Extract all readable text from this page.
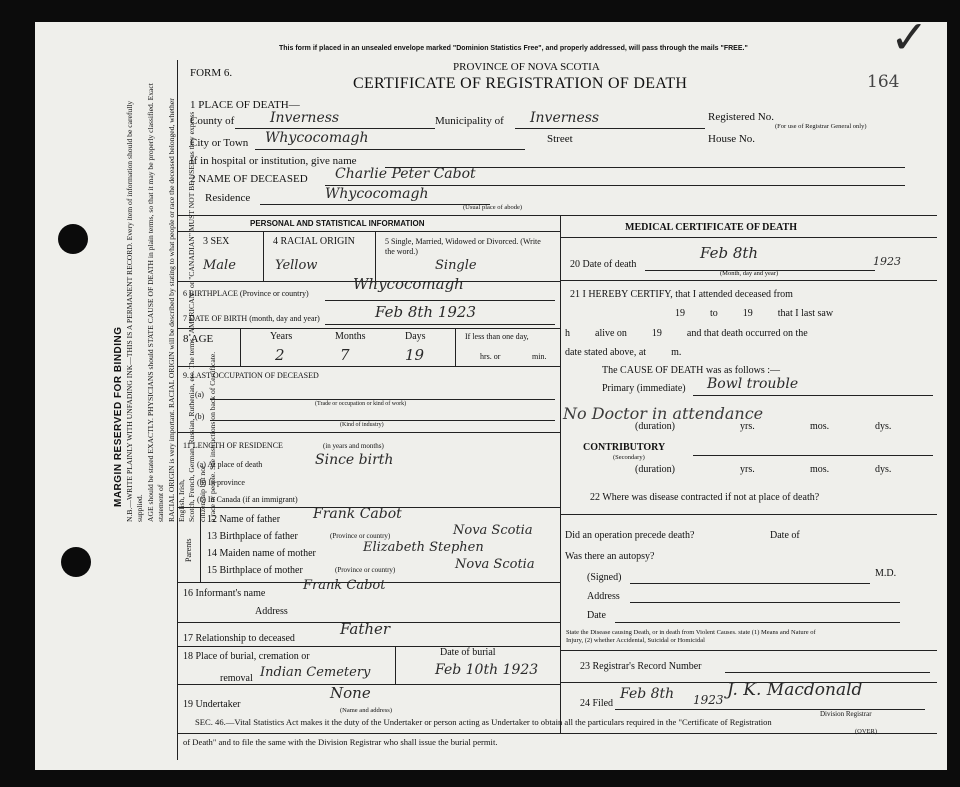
MARGIN RESERVED FOR BINDING N.B.—WRITE PLAINLY WITH UNFADING INK—THIS IS A PERMANENT RECORD. Every item of information should be carefully supplied. AGE should be stated EXACTLY. PHYSICIANS should STATE CAUSE OF DEATH in plain terms, so that it may be properly classified. Exact statement of RACIAL ORIGIN is very important. RACIAL ORIGIN will be described by stating to what people or race the deceased belonged, whether English, Irish, Scotch, French, German, Russian, Ruthenian, etc. The terms "AMERICAN" or "CANADIAN" MUST NOT BE USED as they express citizenship but not a race or people. See instructions on back of Certificate.
This form if placed in an unsealed envelope marked "Dominion Statistics Free", and properly addressed, will pass through the mails "FREE."	✓
FORM 6.	PROVINCE OF NOVA SCOTIA
CERTIFICATE OF REGISTRATION OF DEATH	164
1 PLACE OF DEATH—
County of	Inverness	Municipality of Inverness	Registered No.
(For use of Registrar General only)
City or Town Whycocomagh	Street	House No.
If in hospital or institution, give name
2 NAME OF DECEASED Charlie Peter Cabot
Residence	Whycocomagh
(Usual place of abode)
PERSONAL AND STATISTICAL INFORMATION
3 SEX	4 RACIAL ORIGIN	5 Single, Married, Widowed or Divorced. (Write the word.)
Male	Yellow	Single
6 BIRTHPLACE (Province or country)
Whycocomagh
7 DATE OF BIRTH (month, day and year)	Feb 8th 1923
8 AGE	Years	Months	Days	If less than one day,
2	7	19	hrs. or	min.
9. LAST OCCUPATION OF DECEASED
(a)
(Trade or occupation or kind of work)
(b)
(Kind of industry)
11 LENGTH OF RESIDENCE	(in years and months)
(a) At place of death	Since birth
(b) In province
(c) In Canada (if an immigrant)
Parents
12 Name of father Frank Cabot
13 Birthplace of father	(Province or country)	Nova Scotia
14 Maiden name of mother	Elizabeth Stephen
15 Birthplace of mother	(Province or country)	Nova Scotia
16 Informant's name
Frank Cabot
Address
17 Relationship to deceased
Father
18 Place of burial, cremation or
removal Indian Cemetery
Date of burial
Feb 10th 1923
19 Undertaker
None
(Name and address)
MEDICAL CERTIFICATE OF DEATH
20 Date of death
Feb 8th	1923
(Month, day and year)
21 I HEREBY CERTIFY, that I attended deceased from
19          to          19          that I last saw
h          alive on          19          and that death occurred on the
date stated above, at          m.
The CAUSE OF DEATH was as follows :—
Primary (immediate) Bowl trouble
No Doctor in attendance
(duration)	yrs.	mos.	dys.
CONTRIBUTORY
(Secondary)
(duration)	yrs.	mos.	dys.
22 Where was disease contracted if not at place of death?
Did an operation precede death?	Date of
Was there an autopsy?
(Signed)	M.D.
Address
Date
State the Disease causing Death, or in death from Violent Causes. state (1) Means and Nature of
Injury, (2) whether Accidental, Suicidal or Homicidal
23 Registrar's Record Number
24 Filed
Feb 8th 1923 J. K. Macdonald
Division Registrar
SEC. 46.—Vital Statistics Act makes it the duty of the Undertaker or person acting as Undertaker to obtain all the particulars required in the "Certificate of Registration
(OVER)
of Death" and to file the same with the Division Registrar who shall issue the burial permit.
